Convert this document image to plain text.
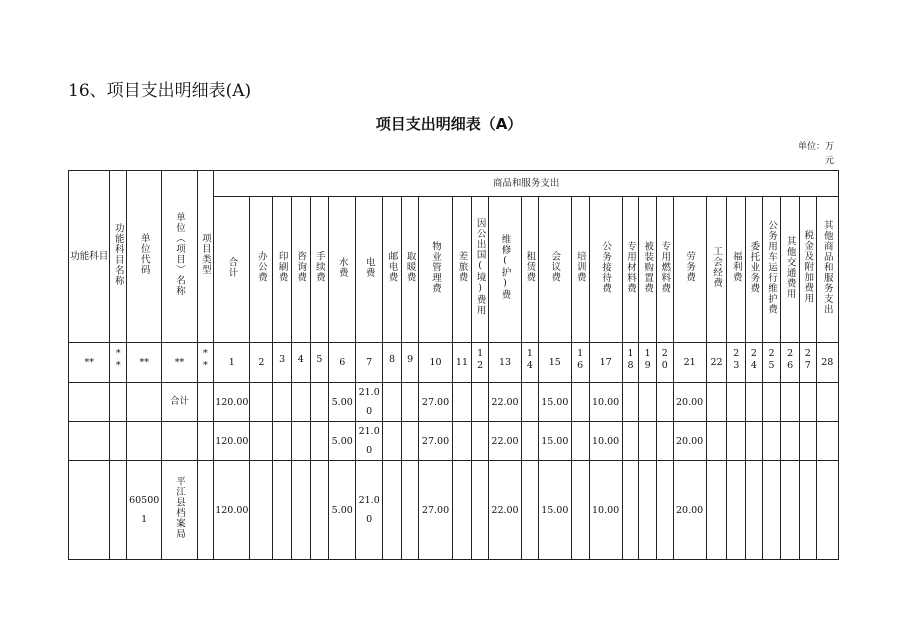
16、项目支出明细表(A)
项目支出明细表（A）
单位：万元
功能科目	功能科目名称	单位代码	单位（项目）名称	项目类型	商品和服务支出																											

					合计	办公费	印刷费	咨询费	手续费	水费	电费	邮电费	取暖费	物业管理费	差旅费	因公出国(境)费用	维修(护)费	租赁费	会议费	培训费	公务接待费	专用材料费	被装购置费	专用燃料费	劳务费	工会经费	福利费	委托业务费	公务用车运行维护费	其他交通费用	税金及附加费用	其他商品和服务支出

**	**	**	**	**	1	2	3	4	5	6	7	8	9	10	11	12	13	14	15	16	17	18	19	20	21	22	23	24	25	26	27	28

			合计		120.00					5.00	21.00			27.00			22.00		15.00		10.00				20.00							

					120.00					5.00	21.00			27.00			22.00		15.00		10.00				20.00							

		605001	平江县档案局		120.00					5.00	21.00			27.00			22.00		15.00		10.00				20.00							
